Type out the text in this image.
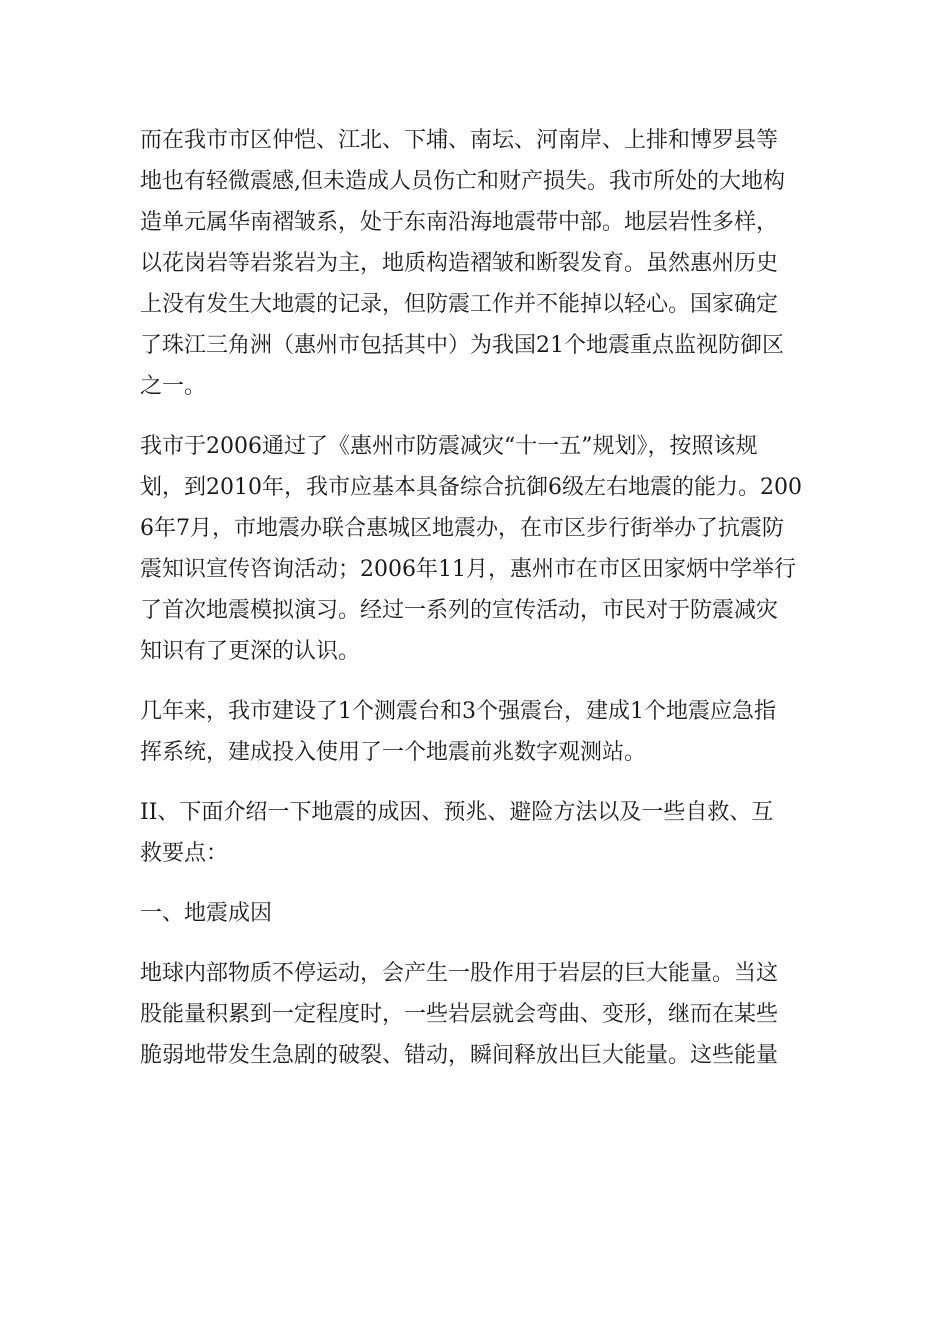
而在我市市区仲恺、江北、下埔、南坛、河南岸、上排和博罗县等
地也有轻微震感,但未造成人员伤亡和财产损失。我市所处的大地构
造单元属华南褶皱系，处于东南沿海地震带中部。地层岩性多样，
以花岗岩等岩浆岩为主，地质构造褶皱和断裂发育。虽然惠州历史
上没有发生大地震的记录，但防震工作并不能掉以轻心。国家确定
了珠江三角洲（惠州市包括其中）为我国21个地震重点监视防御区
之一。
我市于2006通过了《惠州市防震减灾“十一五”规划》，按照该规
划，到2010年，我市应基本具备综合抗御6级左右地震的能力。200
6年7月，市地震办联合惠城区地震办，在市区步行街举办了抗震防
震知识宣传咨询活动；2006年11月，惠州市在市区田家炳中学举行
了首次地震模拟演习。经过一系列的宣传活动，市民对于防震减灾
知识有了更深的认识。
几年来，我市建设了1个测震台和3个强震台，建成1个地震应急指
挥系统，建成投入使用了一个地震前兆数字观测站。
II、下面介绍一下地震的成因、预兆、避险方法以及一些自救、互
救要点：
一、地震成因
地球内部物质不停运动，会产生一股作用于岩层的巨大能量。当这
股能量积累到一定程度时，一些岩层就会弯曲、变形，继而在某些
脆弱地带发生急剧的破裂、错动，瞬间释放出巨大能量。这些能量
